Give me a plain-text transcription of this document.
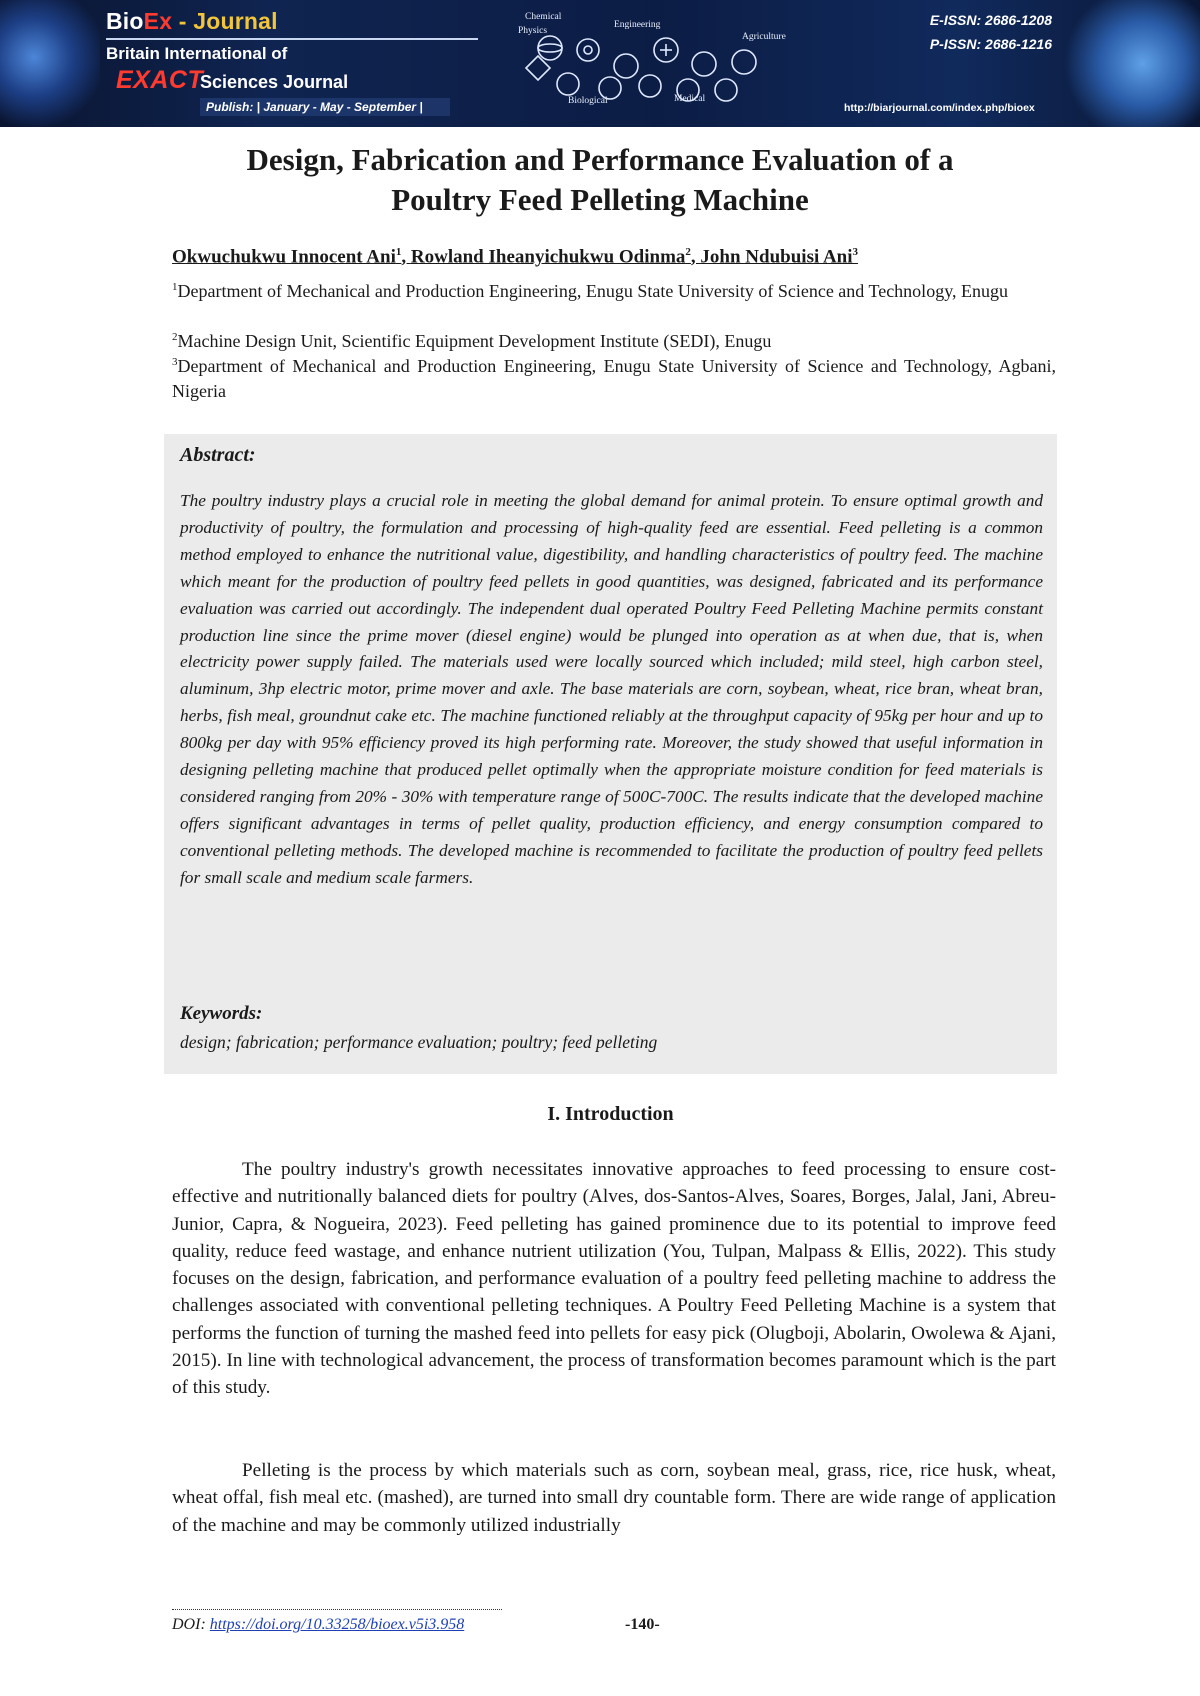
BioEx - Journal
Britain International of
EXACT
Sciences Journal
Publish: | January - May - September |
Chemical
Physics
Engineering
Agriculture
Biological	Medical
E-ISSN: 2686-1208
P-ISSN: 2686-1216
http://biarjournal.com/index.php/bioex
Design, Fabrication and Performance Evaluation of a
Poultry Feed Pelleting Machine
Okwuchukwu Innocent Ani$^1$, Rowland Iheanyichukwu Odinma$^2$, John Ndubuisi Ani$^3$

$^1$Department of Mechanical and Production Engineering, Enugu State University of Science and Technology, Enugu

$^2$Machine Design Unit, Scientific Equipment Development Institute (SEDI), Enugu

$^3$Department of Mechanical and Production Engineering, Enugu State University of Science and Technology, Agbani, Nigeria

Abstract:

The poultry industry plays a crucial role in meeting the global demand for animal protein. To ensure optimal growth and productivity of poultry, the formulation and processing of high-quality feed are essential. Feed pelleting is a common method employed to enhance the nutritional value, digestibility, and handling characteristics of poultry feed. The machine which meant for the production of poultry feed pellets in good quantities, was designed, fabricated and its performance evaluation was carried out accordingly. The independent dual operated Poultry Feed Pelleting Machine permits constant production line since the prime mover (diesel engine) would be plunged into operation as at when due, that is, when electricity power supply failed. The materials used were locally sourced which included; mild steel, high carbon steel, aluminum, 3hp electric motor, prime mover and axle. The base materials are corn, soybean, wheat, rice bran, wheat bran, herbs, fish meal, groundnut cake etc. The machine functioned reliably at the throughput capacity of 95kg per hour and up to 800kg per day with 95% efficiency proved its high performing rate. Moreover, the study showed that useful information in designing pelleting machine that produced pellet optimally when the appropriate moisture condition for feed materials is considered ranging from 20% - 30% with temperature range of 500C-700C. The results indicate that the developed machine offers significant advantages in terms of pellet quality, production efficiency, and energy consumption compared to conventional pelleting methods. The developed machine is recommended to facilitate the production of poultry feed pellets for small scale and medium scale farmers.

Keywords:

design; fabrication; performance evaluation; poultry; feed pelleting

I. Introduction

The poultry industry's growth necessitates innovative approaches to feed processing to ensure cost-effective and nutritionally balanced diets for poultry (Alves, dos-Santos-Alves, Soares, Borges, Jalal, Jani, Abreu-Junior, Capra, & Nogueira, 2023). Feed pelleting has gained prominence due to its potential to improve feed quality, reduce feed wastage, and enhance nutrient utilization (You, Tulpan, Malpass & Ellis, 2022). This study focuses on the design, fabrication, and performance evaluation of a poultry feed pelleting machine to address the challenges associated with conventional pelleting techniques. A Poultry Feed Pelleting Machine is a system that performs the function of turning the mashed feed into pellets for easy pick (Olugboji, Abolarin, Owolewa & Ajani, 2015). In line with technological advancement, the process of transformation becomes paramount which is the part of this study.

Pelleting is the process by which materials such as corn, soybean meal, grass, rice, rice husk, wheat, wheat offal, fish meal etc. (mashed), are turned into small dry countable form. There are wide range of application of the machine and may be commonly utilized industrially

DOI: https://doi.org/10.33258/bioex.v5i3.958	-140-
